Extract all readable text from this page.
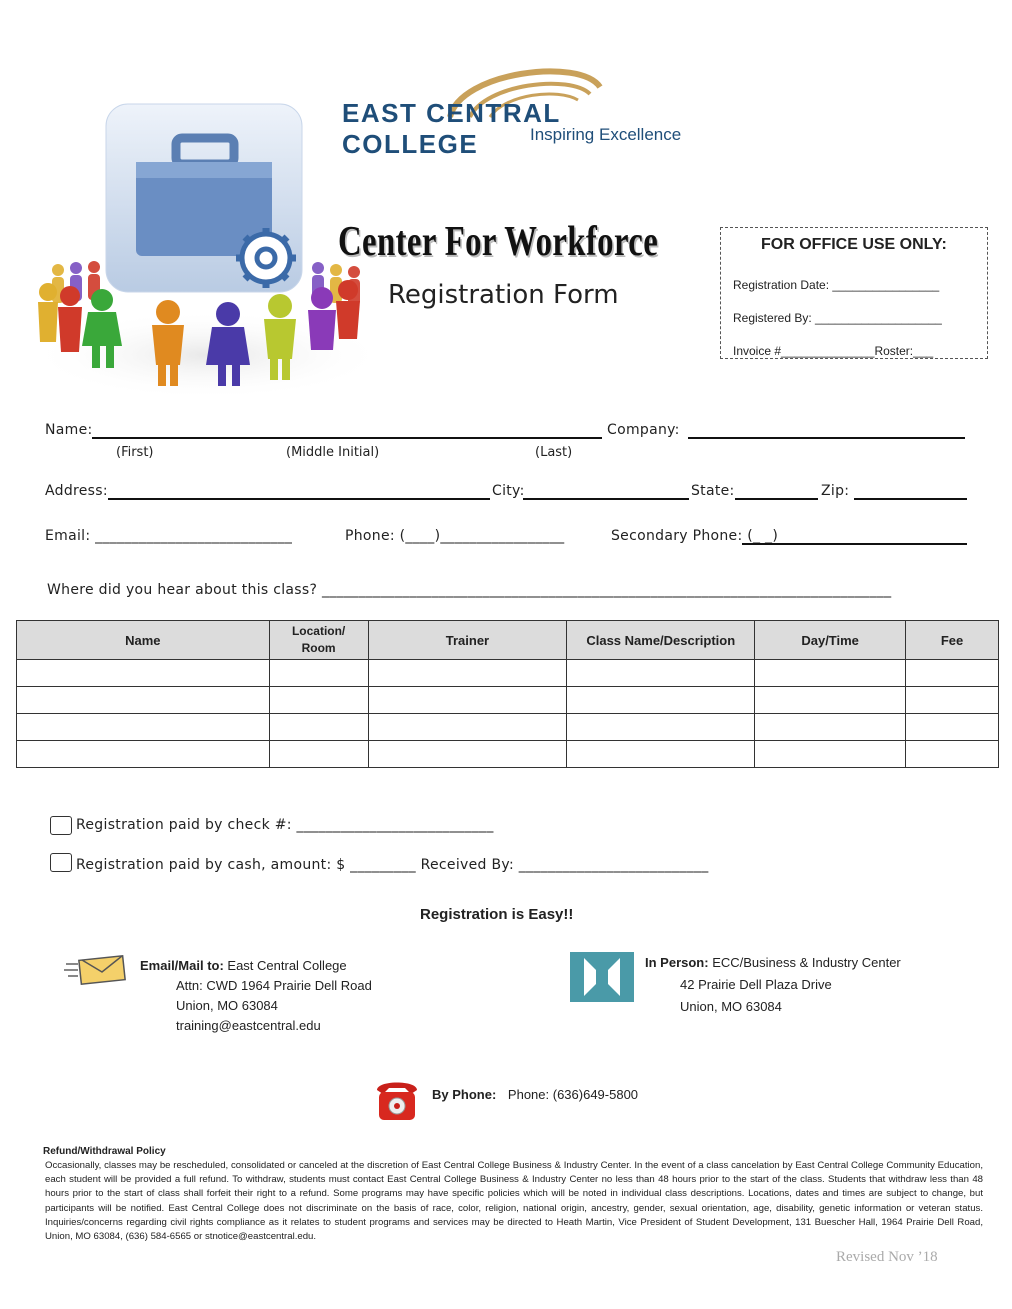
EAST CENTRAL COLLEGE	Inspiring Excellence
Center For Workforce
Registration Form
FOR OFFICE USE ONLY:
Registration Date: ________________
Registered By: ___________________
Invoice #______________Roster:___
Name:	Company:
(First)	(Middle Initial)	(Last)
Address:	City:	State:	Zip:
Email: ___________________________	Phone: (____)_________________	Secondary Phone: (_ _)
Where did you hear about this class? ______________________________________________________________________________
Name	Location/ Room	Trainer	Class Name/Description	Day/Time	Fee

Registration paid by check #: ___________________________
Registration paid by cash, amount: $ _________ Received By: __________________________
Registration is Easy!!
Email/Mail to: East Central College
Attn: CWD 1964 Prairie Dell Road
Union, MO 63084
training@eastcentral.edu
In Person: ECC/Business & Industry Center
42 Prairie Dell Plaza Drive
Union, MO 63084
By Phone: Phone: (636)649-5800
Refund/Withdrawal Policy
Occasionally, classes may be rescheduled, consolidated or canceled at the discretion of East Central College Business & Industry Center. In the event of a class cancelation by East Central College Community Education, each student will be provided a full refund. To withdraw, students must contact East Central College Business & Industry Center no less than 48 hours prior to the start of the class. Students that withdraw less than 48 hours prior to the start of class shall forfeit their right to a refund. Some programs may have specific policies which will be noted in individual class descriptions. Locations, dates and times are subject to change, but participants will be notified. East Central College does not discriminate on the basis of race, color, religion, national origin, ancestry, gender, sexual orientation, age, disability, genetic information or veteran status. Inquiries/concerns regarding civil rights compliance as it relates to student programs and services may be directed to Heath Martin, Vice President of Student Development, 131 Buescher Hall, 1964 Prairie Dell Road, Union, MO 63084, (636) 584-6565 or stnotice@eastcentral.edu.
Revised Nov ’18
